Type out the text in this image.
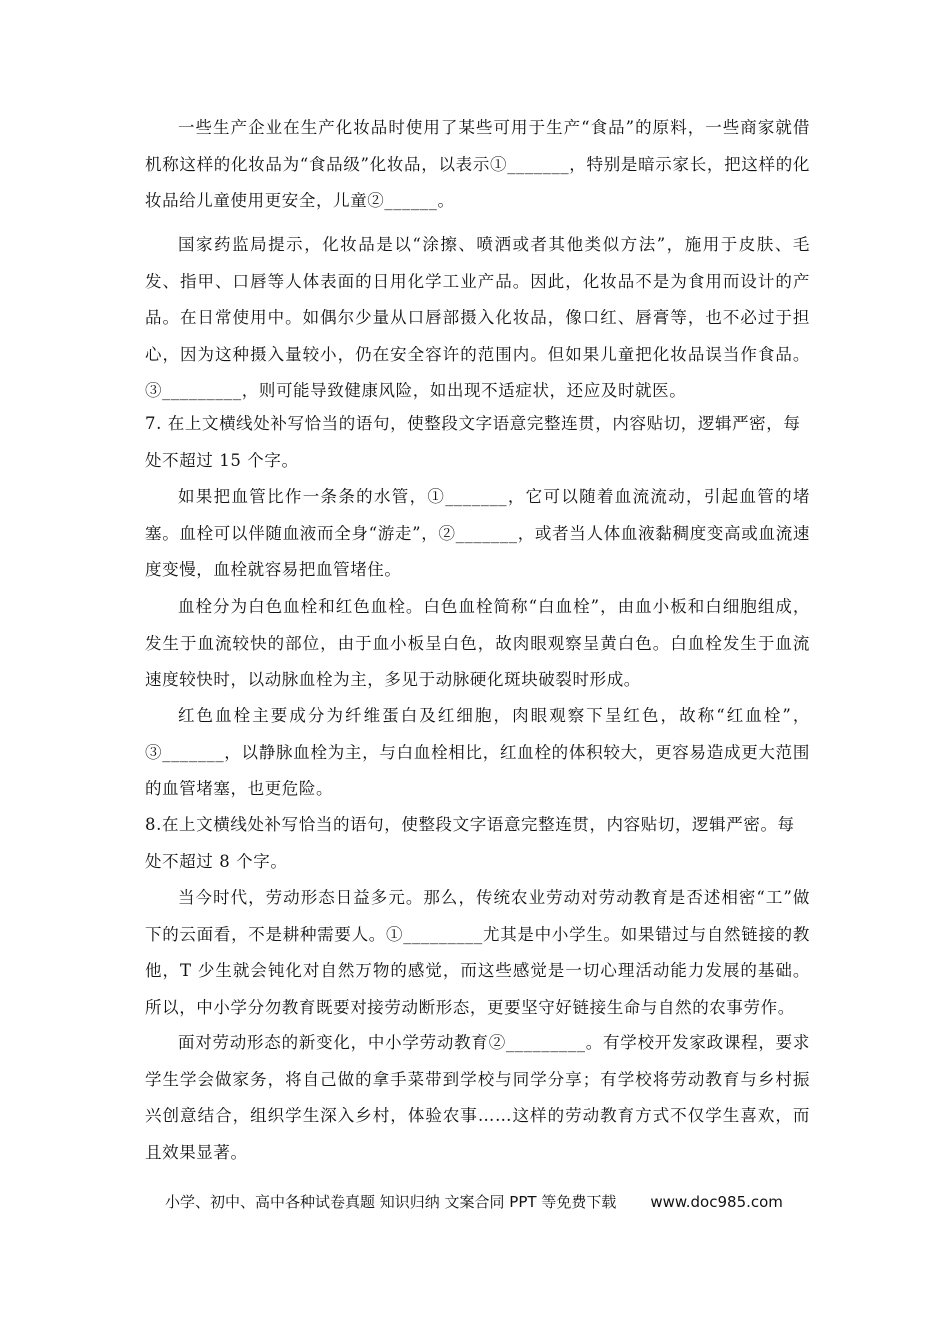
一些生产企业在生产化妆品时使用了某些可用于生产“食品”的原料，一些商家就借机称这样的化妆品为“食品级”化妆品，以表示①_______，特别是暗示家长，把这样的化妆品给儿童使用更安全，儿童②______。

国家药监局提示，化妆品是以“涂擦、喷洒或者其他类似方法”，施用于皮肤、毛发、指甲、口唇等人体表面的日用化学工业产品。因此，化妆品不是为食用而设计的产品。在日常使用中。如偶尔少量从口唇部摄入化妆品，像口红、唇膏等，也不必过于担心，因为这种摄入量较小，仍在安全容许的范围内。但如果儿童把化妆品误当作食品。③_________，则可能导致健康风险，如出现不适症状，还应及时就医。

7. 在上文横线处补写恰当的语句，使整段文字语意完整连贯，内容贴切，逻辑严密，每处不超过 15 个字。

如果把血管比作一条条的水管，①_______，它可以随着血流流动，引起血管的堵塞。血栓可以伴随血液而全身“游走”，②_______，或者当人体血液黏稠度变高或血流速度变慢，血栓就容易把血管堵住。

血栓分为白色血栓和红色血栓。白色血栓简称“白血栓”，由血小板和白细胞组成，发生于血流较快的部位，由于血小板呈白色，故肉眼观察呈黄白色。白血栓发生于血流速度较快时，以动脉血栓为主，多见于动脉硬化斑块破裂时形成。

红色血栓主要成分为纤维蛋白及红细胞，肉眼观察下呈红色，故称“红血栓”，③_______，以静脉血栓为主，与白血栓相比，红血栓的体积较大，更容易造成更大范围的血管堵塞，也更危险。

8.在上文横线处补写恰当的语句，使整段文字语意完整连贯，内容贴切，逻辑严密。每处不超过 8 个字。

当今时代，劳动形态日益多元。那么，传统农业劳动对劳动教育是否述相密“工”做下的云面看，不是耕种需要人。①_________尤其是中小学生。如果错过与自然链接的教他，T 少生就会钝化对自然万物的感觉，而这些感觉是一切心理活动能力发展的基础。所以，中小学分勿教育既要对接劳动断形态，更要坚守好链接生命与自然的农事劳作。

面对劳动形态的新变化，中小学劳动教育②_________。有学校开发家政课程，要求学生学会做家务，将自己做的拿手菜带到学校与同学分享；有学校将劳动教育与乡村振兴创意结合，组织学生深入乡村，体验农事……这样的劳动教育方式不仅学生喜欢，而且效果显著。

小学、初中、高中各种试卷真题 知识归纳 文案合同 PPT 等免费下载 www.doc985.com
